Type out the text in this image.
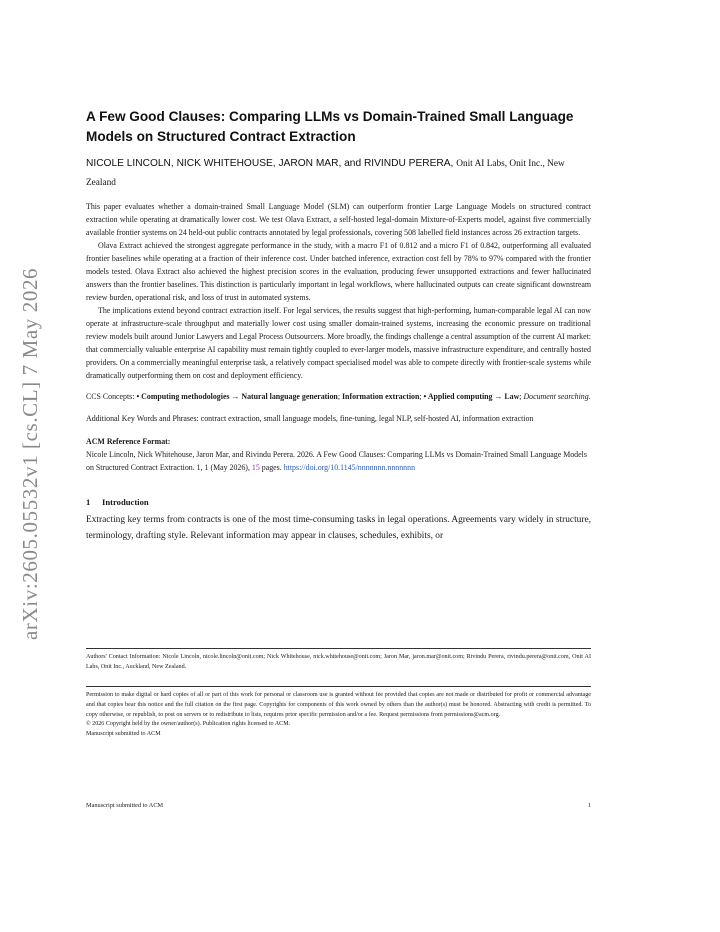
arXiv:2605.05532v1 [cs.CL] 7 May 2026
A Few Good Clauses: Comparing LLMs vs Domain-Trained Small Language Models on Structured Contract Extraction
NICOLE LINCOLN, NICK WHITEHOUSE, JARON MAR, and RIVINDU PERERA, Onit AI Labs, Onit Inc., New Zealand

This paper evaluates whether a domain-trained Small Language Model (SLM) can outperform frontier Large Language Models on structured contract extraction while operating at dramatically lower cost. We test Olava Extract, a self-hosted legal-domain Mixture-of-Experts model, against five commercially available frontier systems on 24 held-out public contracts annotated by legal professionals, covering 508 labelled field instances across 26 extraction targets.

Olava Extract achieved the strongest aggregate performance in the study, with a macro F1 of 0.812 and a micro F1 of 0.842, outperforming all evaluated frontier baselines while operating at a fraction of their inference cost. Under batched inference, extraction cost fell by 78% to 97% compared with the frontier models tested. Olava Extract also achieved the highest precision scores in the evaluation, producing fewer unsupported extractions and fewer hallucinated answers than the frontier baselines. This distinction is particularly important in legal workflows, where hallucinated outputs can create significant downstream review burden, operational risk, and loss of trust in automated systems.

The implications extend beyond contract extraction itself. For legal services, the results suggest that high-performing, human-comparable legal AI can now operate at infrastructure-scale throughput and materially lower cost using smaller domain-trained systems, increasing the economic pressure on traditional review models built around Junior Lawyers and Legal Process Outsourcers. More broadly, the findings challenge a central assumption of the current AI market: that commercially valuable enterprise AI capability must remain tightly coupled to ever-larger models, massive infrastructure expenditure, and centrally hosted providers. On a commercially meaningful enterprise task, a relatively compact specialised model was able to compete directly with frontier-scale systems while dramatically outperforming them on cost and deployment efficiency.

CCS Concepts: • Computing methodologies → Natural language generation; Information extraction; • Applied computing → Law; Document searching.
Additional Key Words and Phrases: contract extraction, small language models, fine-tuning, legal NLP, self-hosted AI, information extraction
ACM Reference Format:
Nicole Lincoln, Nick Whitehouse, Jaron Mar, and Rivindu Perera. 2026. A Few Good Clauses: Comparing LLMs vs Domain-Trained Small Language Models on Structured Contract Extraction. 1, 1 (May 2026), 15 pages. https://doi.org/10.1145/nnnnnnn.nnnnnnn
1 Introduction
Extracting key terms from contracts is one of the most time-consuming tasks in legal operations. Agreements vary widely in structure, terminology, drafting style. Relevant information may appear in clauses, schedules, exhibits, or
Authors' Contact Information: Nicole Lincoln, nicole.lincoln@onit.com; Nick Whitehouse, nick.whitehouse@onit.com; Jaron Mar, jaron.mar@onit.com; Rivindu Perera, rivindu.perera@onit.com, Onit AI Labs, Onit Inc., Auckland, New Zealand.
Permission to make digital or hard copies of all or part of this work for personal or classroom use is granted without fee provided that copies are not made or distributed for profit or commercial advantage and that copies bear this notice and the full citation on the first page. Copyrights for components of this work owned by others than the author(s) must be honored. Abstracting with credit is permitted. To copy otherwise, or republish, to post on servers or to redistribute to lists, requires prior specific permission and/or a fee. Request permissions from permissions@acm.org.
© 2026 Copyright held by the owner/author(s). Publication rights licensed to ACM.
Manuscript submitted to ACM
Manuscript submitted to ACM	1
